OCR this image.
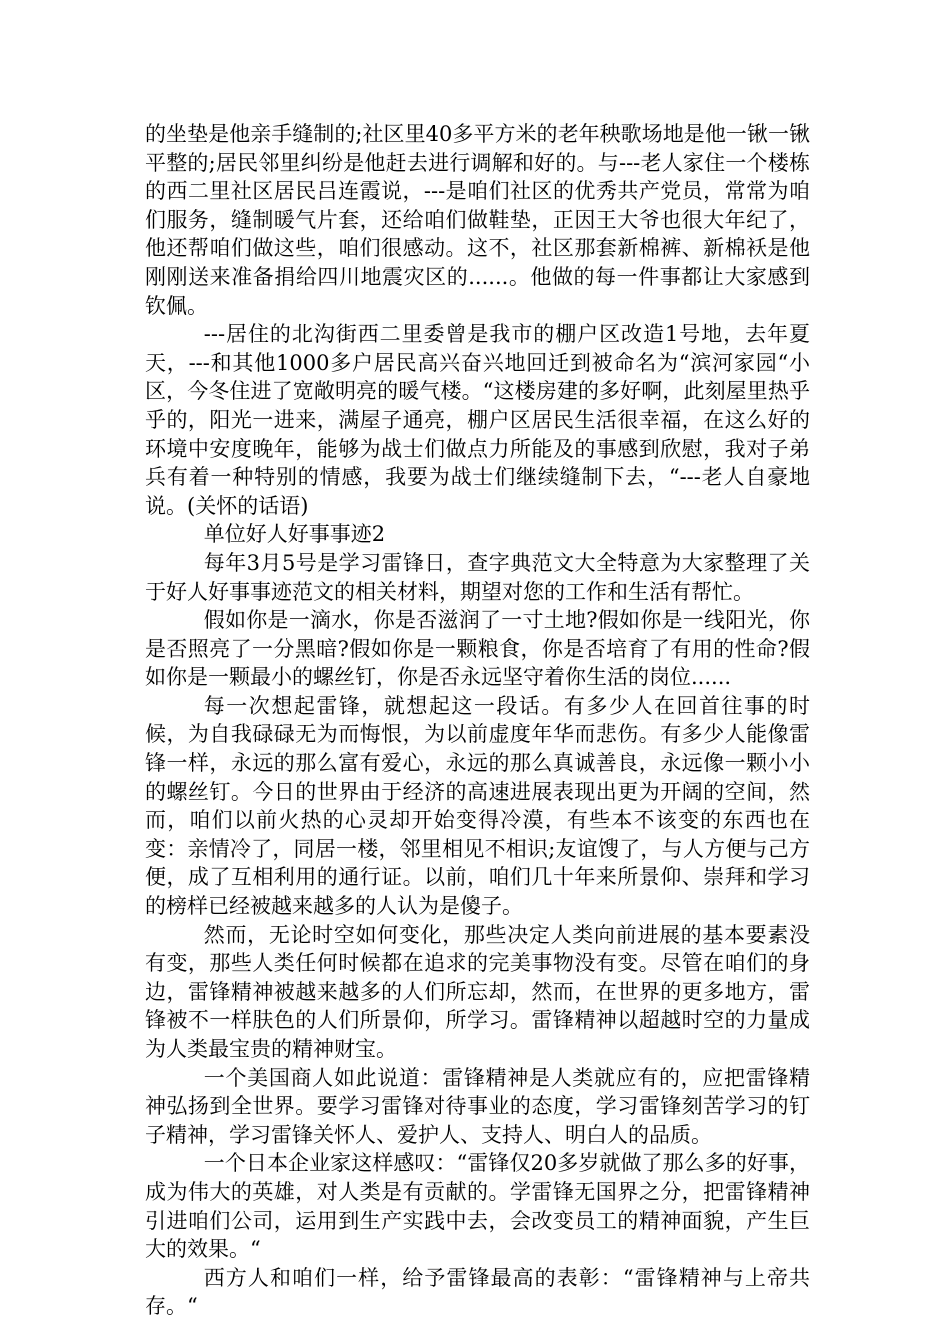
的坐垫是他亲手缝制的;社区里40多平方米的老年秧歌场地是他一锹一锹平整的;居民邻里纠纷是他赶去进行调解和好的。与---老人家住一个楼栋的西二里社区居民吕连霞说，---是咱们社区的优秀共产党员，常常为咱们服务，缝制暖气片套，还给咱们做鞋垫，正因王大爷也很大年纪了，他还帮咱们做这些，咱们很感动。这不，社区那套新棉裤、新棉袄是他刚刚送来准备捐给四川地震灾区的......。他做的每一件事都让大家感到钦佩。

---居住的北沟街西二里委曾是我市的棚户区改造1号地，去年夏天，---和其他1000多户居民高兴奋兴地回迁到被命名为“滨河家园“小区，今冬住进了宽敞明亮的暖气楼。“这楼房建的多好啊，此刻屋里热乎乎的，阳光一进来，满屋子通亮，棚户区居民生活很幸福，在这么好的环境中安度晚年，能够为战士们做点力所能及的事感到欣慰，我对子弟兵有着一种特别的情感，我要为战士们继续缝制下去，“---老人自豪地说。(关怀的话语)

单位好人好事事迹2

每年3月5号是学习雷锋日，查字典范文大全特意为大家整理了关于好人好事事迹范文的相关材料，期望对您的工作和生活有帮忙。

假如你是一滴水，你是否滋润了一寸土地?假如你是一线阳光，你是否照亮了一分黑暗?假如你是一颗粮食，你是否培育了有用的性命?假如你是一颗最小的螺丝钉，你是否永远坚守着你生活的岗位......

每一次想起雷锋，就想起这一段话。有多少人在回首往事的时候，为自我碌碌无为而悔恨，为以前虚度年华而悲伤。有多少人能像雷锋一样，永远的那么富有爱心，永远的那么真诚善良，永远像一颗小小的螺丝钉。今日的世界由于经济的高速进展表现出更为开阔的空间，然而，咱们以前火热的心灵却开始变得冷漠，有些本不该变的东西也在变：亲情冷了，同居一楼，邻里相见不相识;友谊馊了，与人方便与己方便，成了互相利用的通行证。以前，咱们几十年来所景仰、崇拜和学习的榜样已经被越来越多的人认为是傻子。

然而，无论时空如何变化，那些决定人类向前进展的基本要素没有变，那些人类任何时候都在追求的完美事物没有变。尽管在咱们的身边，雷锋精神被越来越多的人们所忘却，然而，在世界的更多地方，雷锋被不一样肤色的人们所景仰，所学习。雷锋精神以超越时空的力量成为人类最宝贵的精神财宝。

一个美国商人如此说道：雷锋精神是人类就应有的，应把雷锋精神弘扬到全世界。要学习雷锋对待事业的态度，学习雷锋刻苦学习的钉子精神，学习雷锋关怀人、爱护人、支持人、明白人的品质。

一个日本企业家这样感叹：“雷锋仅20多岁就做了那么多的好事，成为伟大的英雄，对人类是有贡献的。学雷锋无国界之分，把雷锋精神引进咱们公司，运用到生产实践中去，会改变员工的精神面貌，产生巨大的效果。“

西方人和咱们一样，给予雷锋最高的表彰：“雷锋精神与上帝共存。“
